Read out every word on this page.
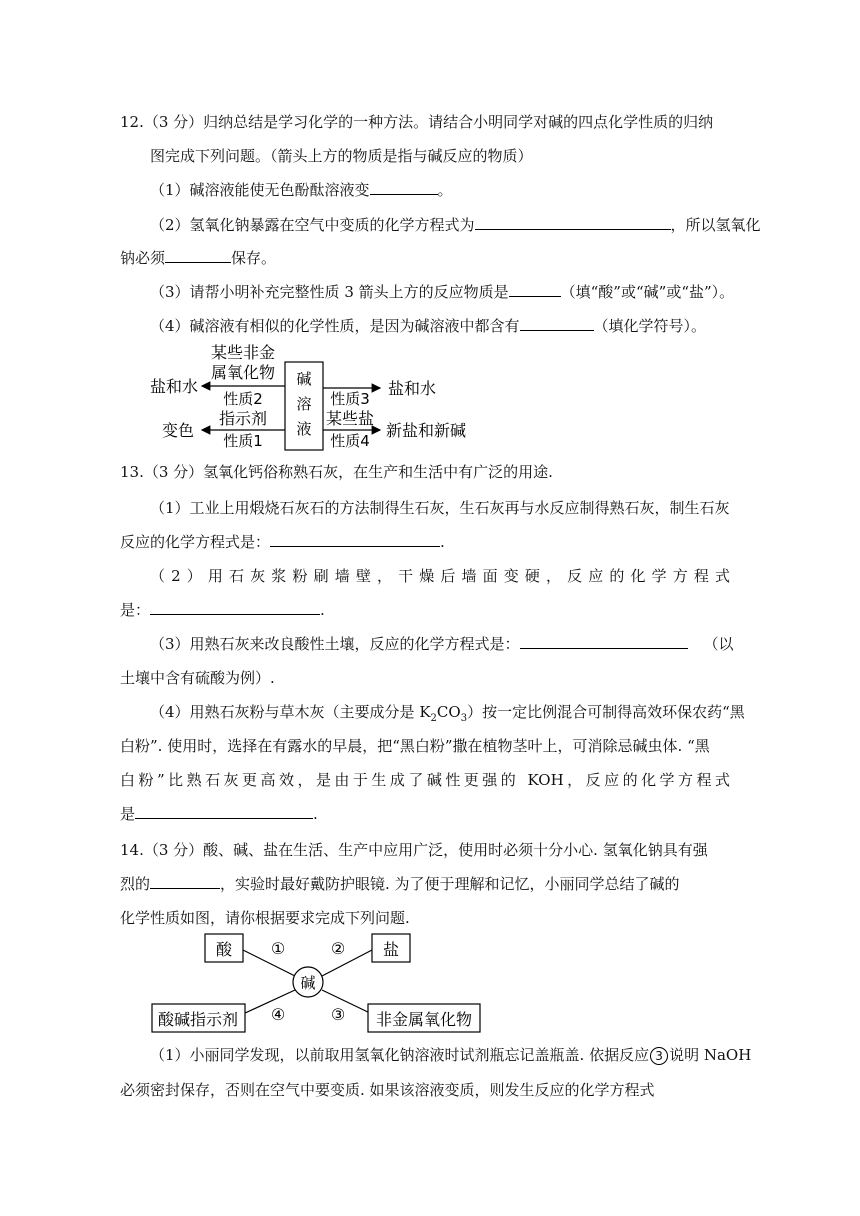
12.（3 分）归纳总结是学习化学的一种方法。请结合小明同学对碱的四点化学性质的归纳
图完成下列问题。（箭头上方的物质是指与碱反应的物质）
（1）碱溶液能使无色酚酞溶液变	。
（2）氢氧化钠暴露在空气中变质的化学方程式为	，所以氢氧化
钠必须	保存。
（3）请帮小明补充完整性质 3 箭头上方的反应物质是	（填“酸”或“碱”或“盐”）。
（4）碱溶液有相似的化学性质，是因为碱溶液中都含有	（填化学符号）。
碱
溶
液
某些非金
属氧化物
盐和水
性质2
指示剂
变色
性质1
性质3
盐和水
某些盐
新盐和新碱
性质4
13.（3 分）氢氧化钙俗称熟石灰，在生产和生活中有广泛的用途.
（1）工业上用煅烧石灰石的方法制得生石灰，生石灰再与水反应制得熟石灰，制生石灰
反应的化学方程式是：	.
（2）用石灰浆粉刷墙壁，干燥后墙面变硬，反应的化学方程式
是：	.
（3）用熟石灰来改良酸性土壤，反应的化学方程式是：	（以
土壤中含有硫酸为例）.
（4）用熟石灰粉与草木灰（主要成分是 $K_2CO_3$）按一定比例混合可制得高效环保农药“黑
白粉”. 使用时，选择在有露水的早晨，把“黑白粉”撒在植物茎叶上，可消除忌碱虫体. “黑
白粉”比熟石灰更高效，是由于生成了碱性更强的 KOH，反应的化学方程式
是	.
14.（3 分）酸、碱、盐在生活、生产中应用广泛，使用时必须十分小心. 氢氧化钠具有强
烈的	，实验时最好戴防护眼镜. 为了便于理解和记忆，小丽同学总结了碱的
化学性质如图，请你根据要求完成下列问题.
酸	盐
碱
酸碱指示剂	非金属氧化物
①	②
④	③
（1）小丽同学发现，以前取用氢氧化钠溶液时试剂瓶忘记盖瓶盖. 依据反应 3 说明 NaOH
必须密封保存，否则在空气中要变质. 如果该溶液变质，则发生反应的化学方程式
